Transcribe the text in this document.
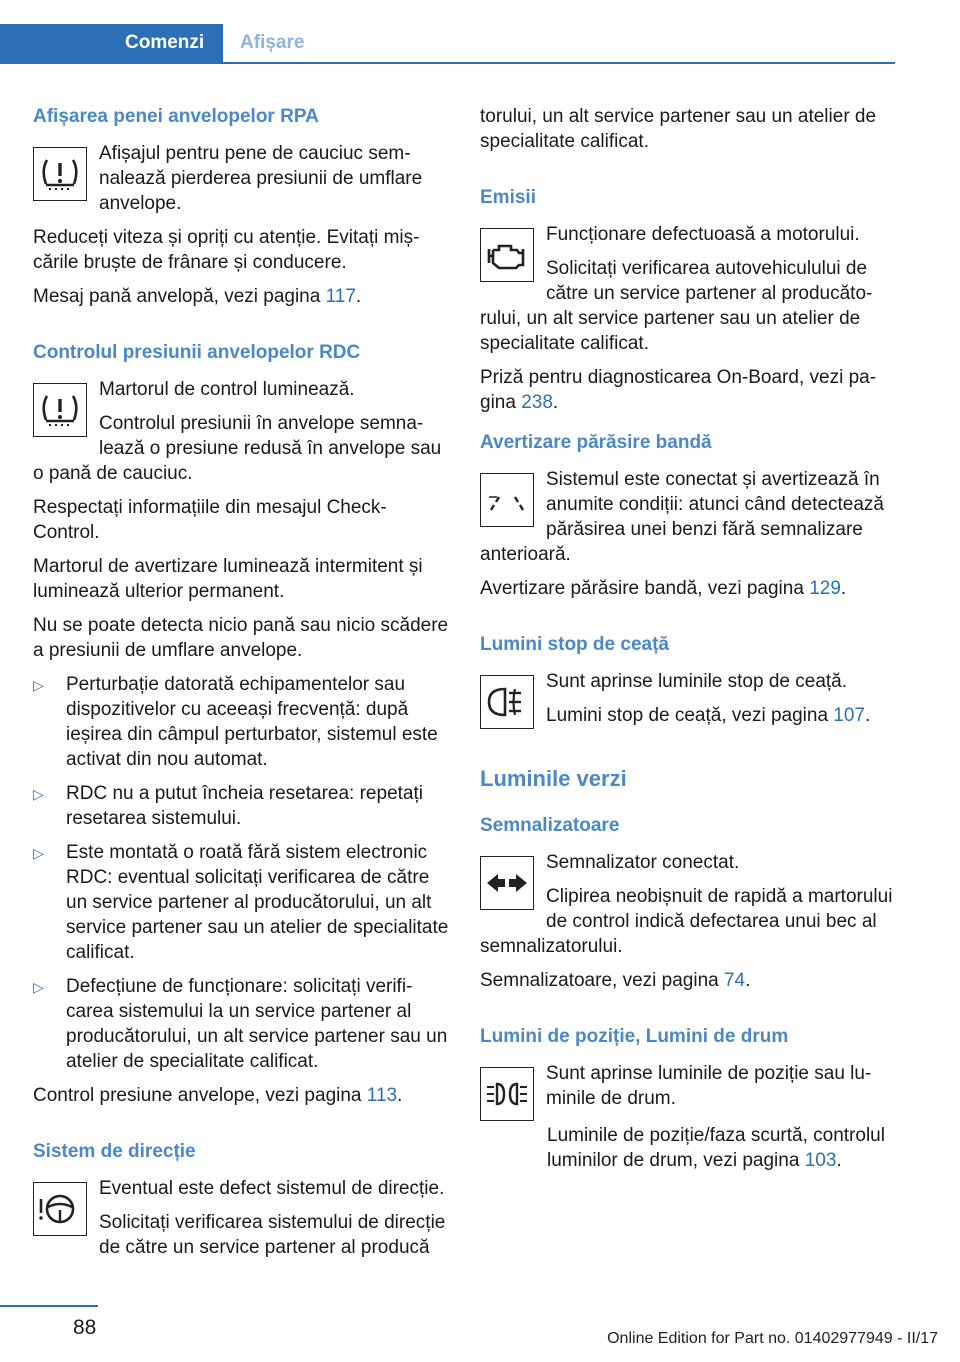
Comenzi	Afișare
Afișarea penei anvelopelor RPA

Afișajul pentru pene de cauciuc semnalează pierderea presiunii de umflare anvelope.

Reduceți viteza și opriți cu atenție. Evitați mișcările bruște de frânare și conducere.

Mesaj pană anvelopă, vezi pagina 117.

Controlul presiunii anvelopelor RDC

Martorul de control luminează.

Controlul presiunii în anvelope semnalează o presiune redusă în anvelope sau o pană de cauciuc.

Respectați informațiile din mesajul Check-Control.

Martorul de avertizare luminează intermitent și luminează ulterior permanent.

Nu se poate detecta nicio pană sau nicio scădere a presiunii de umflare anvelope.

▷ Perturbație datorată echipamentelor sau dispozitivelor cu aceeași frecvență: după ieșirea din câmpul perturbator, sistemul este activat din nou automat.
▷ RDC nu a putut încheia resetarea: repetați resetarea sistemului.
▷ Este montată o roată fără sistem electronic RDC: eventual solicitați verificarea de către un service partener al producătorului, un alt service partener sau un atelier de specialitate calificat.
▷ Defecțiune de funcționare: solicitați verificarea sistemului la un service partener al producătorului, un alt service partener sau un atelier de specialitate calificat.

Control presiune anvelope, vezi pagina 113.

Sistem de direcție

Eventual este defect sistemul de direcție.

Solicitați verificarea sistemului de direcție de către un service partener al producă

torului, un alt service partener sau un atelier de specialitate calificat.

Emisii

Funcționare defectuoasă a motorului.

Solicitați verificarea autovehiculului de către un service partener al producătorului, un alt service partener sau un atelier de specialitate calificat.

Priză pentru diagnosticarea On-Board, vezi pagina 238.

Avertizare părăsire bandă

Sistemul este conectat și avertizează în anumite condiții: atunci când detectează părăsirea unei benzi fără semnalizare anterioară.

Avertizare părăsire bandă, vezi pagina 129.

Lumini stop de ceață

Sunt aprinse luminile stop de ceață.

Lumini stop de ceață, vezi pagina 107.

Luminile verzi
Semnalizatoare

Semnalizator conectat.

Clipirea neobișnuit de rapidă a martorului de control indică defectarea unui bec al semnalizatorului.

Semnalizatoare, vezi pagina 74.

Lumini de poziție, Lumini de drum

Sunt aprinse luminile de poziție sau luminile de drum.

Luminile de poziție/faza scurtă, controlul luminilor de drum, vezi pagina 103.

88	Online Edition for Part no. 01402977949 - II/17
